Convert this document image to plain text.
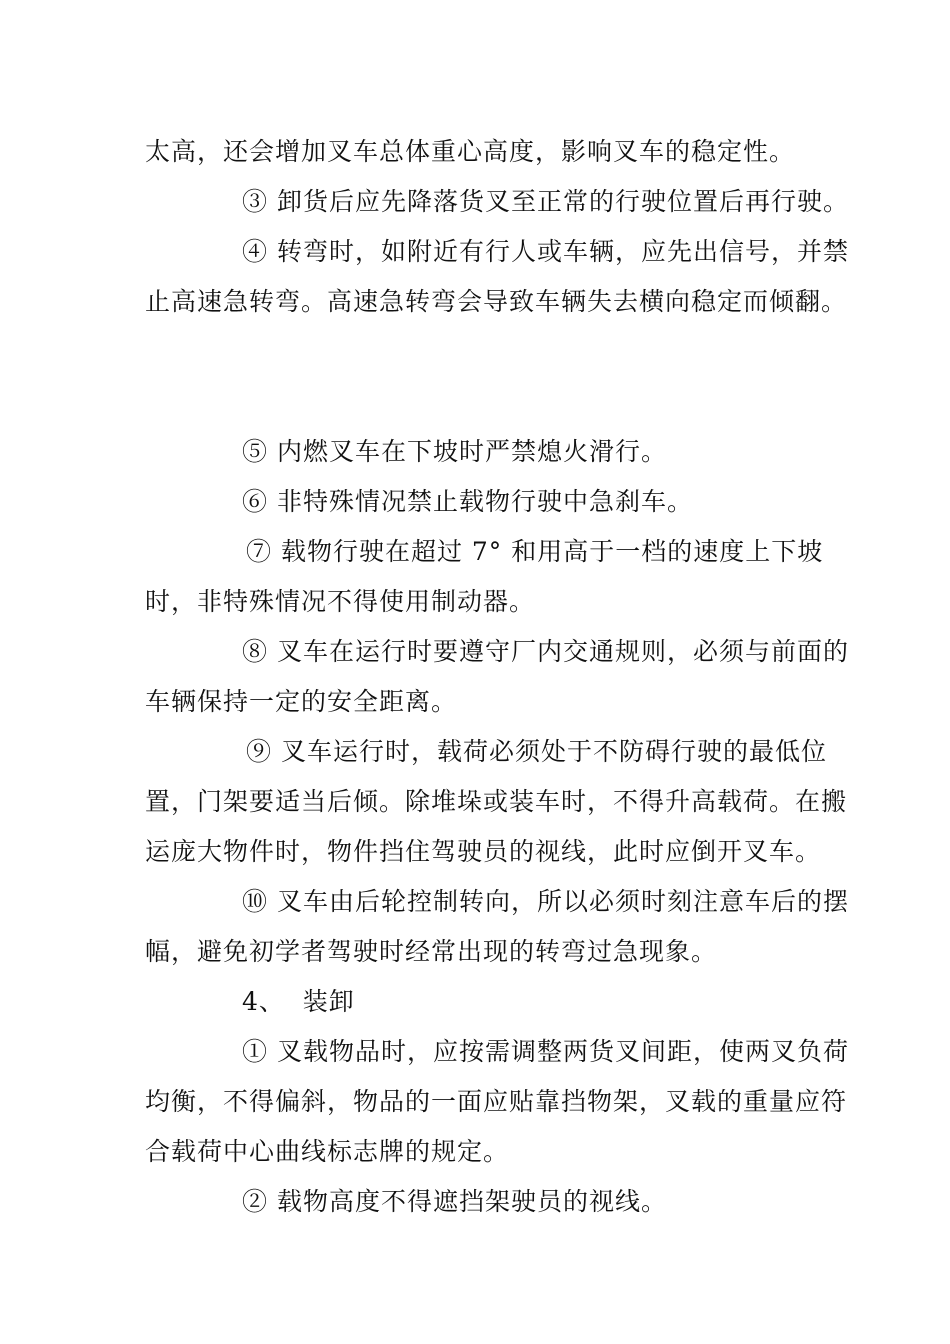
太高，还会增加叉车总体重心高度，影响叉车的稳定性。
③ 卸货后应先降落货叉至正常的行驶位置后再行驶。
④ 转弯时，如附近有行人或车辆，应先出信号，并禁
止高速急转弯。高速急转弯会导致车辆失去横向稳定而倾翻。
⑤ 内燃叉车在下坡时严禁熄火滑行。
⑥ 非特殊情况禁止载物行驶中急刹车。
⑦ 载物行驶在超过 7° 和用高于一档的速度上下坡
时，非特殊情况不得使用制动器。
⑧ 叉车在运行时要遵守厂内交通规则，必须与前面的
车辆保持一定的安全距离。
⑨ 叉车运行时，载荷必须处于不防碍行驶的最低位
置，门架要适当后倾。除堆垛或装车时，不得升高载荷。在搬
运庞大物件时，物件挡住驾驶员的视线，此时应倒开叉车。
⑩ 叉车由后轮控制转向，所以必须时刻注意车后的摆
幅，避免初学者驾驶时经常出现的转弯过急现象。
4、  装卸
① 叉载物品时，应按需调整两货叉间距，使两叉负荷
均衡，不得偏斜，物品的一面应贴靠挡物架，叉载的重量应符
合载荷中心曲线标志牌的规定。
② 载物高度不得遮挡架驶员的视线。
